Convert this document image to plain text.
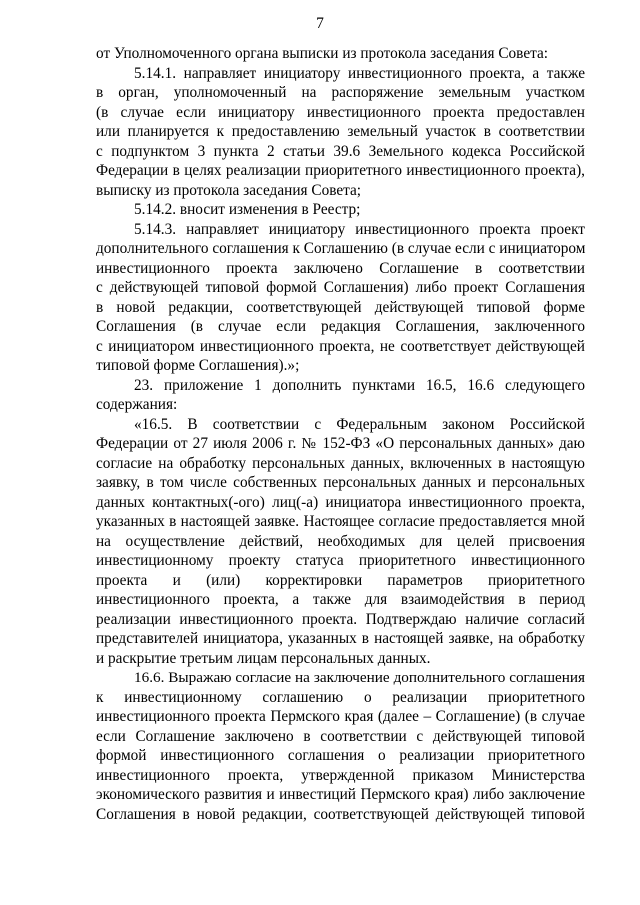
7
от Уполномоченного органа выписки из протокола заседания Совета:
5.14.1. направляет инициатору инвестиционного проекта, а также
в орган, уполномоченный на распоряжение земельным участком
(в случае если инициатору инвестиционного проекта предоставлен
или планируется к предоставлению земельный участок в соответствии
с подпунктом 3 пункта 2 статьи 39.6 Земельного кодекса Российской
Федерации в целях реализации приоритетного инвестиционного проекта),
выписку из протокола заседания Совета;
5.14.2. вносит изменения в Реестр;
5.14.3. направляет инициатору инвестиционного проекта проект
дополнительного соглашения к Соглашению (в случае если с инициатором
инвестиционного проекта заключено Соглашение в соответствии
с действующей типовой формой Соглашения) либо проект Соглашения
в новой редакции, соответствующей действующей типовой форме
Соглашения (в случае если редакция Соглашения, заключенного
с инициатором инвестиционного проекта, не соответствует действующей
типовой форме Соглашения).»;
23. приложение 1 дополнить пунктами 16.5, 16.6 следующего
содержания:
«16.5. В соответствии с Федеральным законом Российской
Федерации от 27 июля 2006 г. № 152-ФЗ «О персональных данных» даю
согласие на обработку персональных данных, включенных в настоящую
заявку, в том числе собственных персональных данных и персональных
данных контактных(-ого) лиц(-а) инициатора инвестиционного проекта,
указанных в настоящей заявке. Настоящее согласие предоставляется мной
на осуществление действий, необходимых для целей присвоения
инвестиционному проекту статуса приоритетного инвестиционного
проекта и (или) корректировки параметров приоритетного
инвестиционного проекта, а также для взаимодействия в период
реализации инвестиционного проекта. Подтверждаю наличие согласий
представителей инициатора, указанных в настоящей заявке, на обработку
и раскрытие третьим лицам персональных данных.
16.6. Выражаю согласие на заключение дополнительного соглашения
к инвестиционному соглашению о реализации приоритетного
инвестиционного проекта Пермского края (далее – Соглашение) (в случае
если Соглашение заключено в соответствии с действующей типовой
формой инвестиционного соглашения о реализации приоритетного
инвестиционного проекта, утвержденной приказом Министерства
экономического развития и инвестиций Пермского края) либо заключение
Соглашения в новой редакции, соответствующей действующей типовой
